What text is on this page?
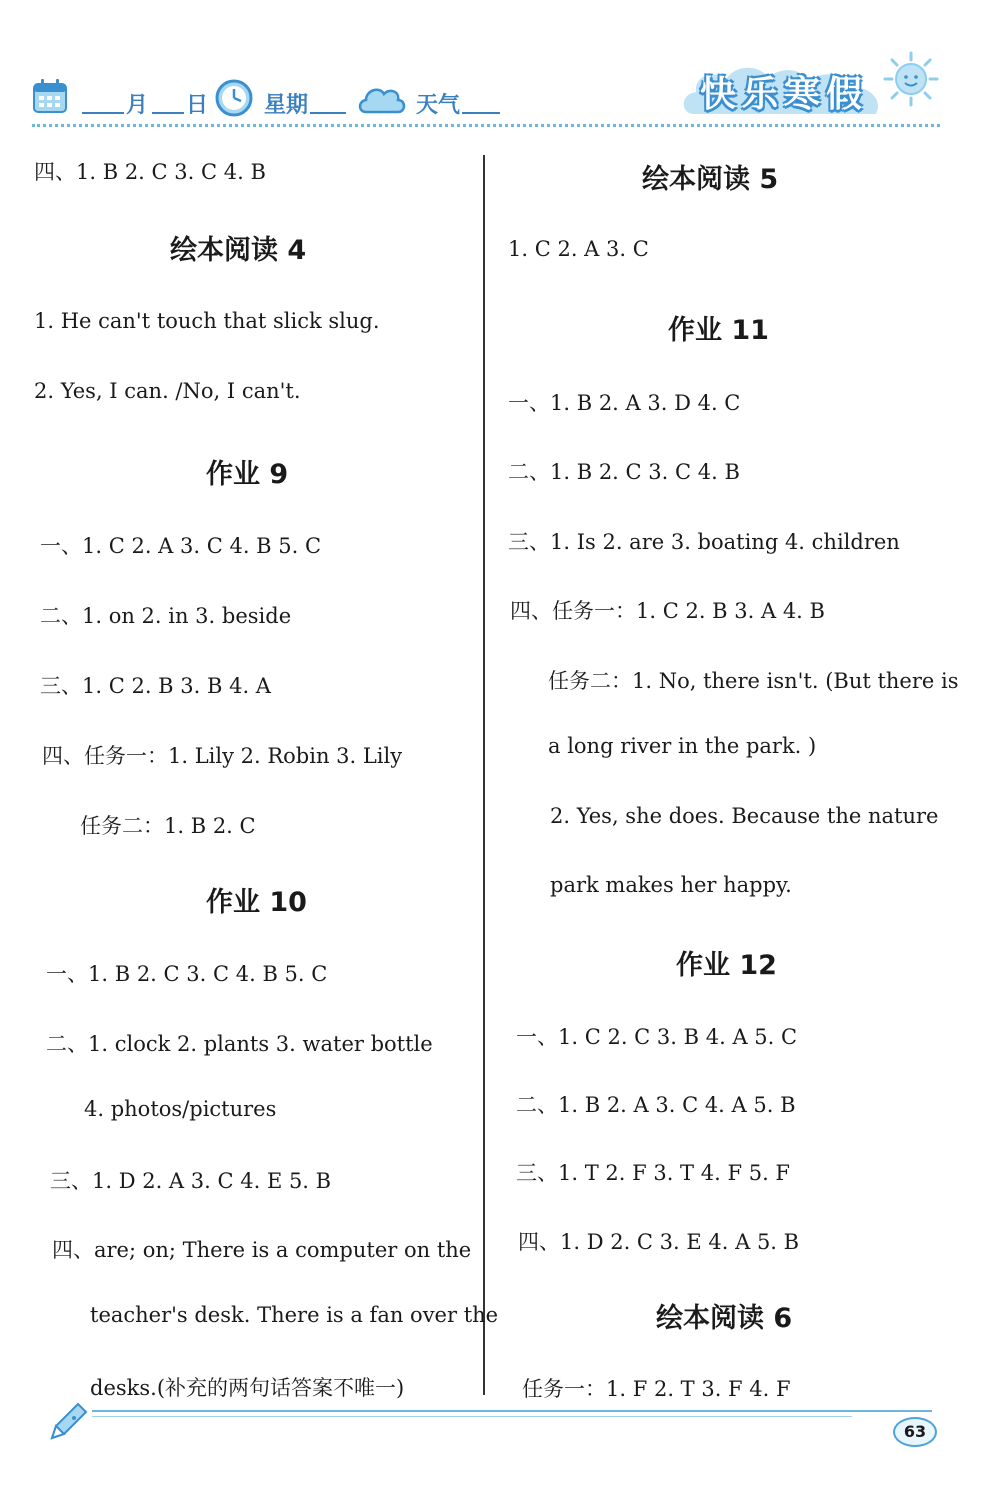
月 日	星期	天气	快乐寒假
四、1. B 2. C 3. C 4. B
绘本阅读 4
1. He can't touch that slick slug.
2. Yes, I can. /No, I can't.
作业 9
一、1. C 2. A 3. C 4. B 5. C
二、1. on 2. in 3. beside
三、1. C 2. B 3. B 4. A
四、任务一：1. Lily 2. Robin 3. Lily
任务二：1. B 2. C
作业 10
一、1. B 2. C 3. C 4. B 5. C
二、1. clock 2. plants 3. water bottle
4. photos/pictures
三、1. D 2. A 3. C 4. E 5. B
四、are; on; There is a computer on the
teacher's desk. There is a fan over the
desks.(补充的两句话答案不唯一)
绘本阅读 5
1. C 2. A 3. C
作业 11
一、1. B 2. A 3. D 4. C
二、1. B 2. C 3. C 4. B
三、1. Is 2. are 3. boating 4. children
四、任务一：1. C 2. B 3. A 4. B
任务二：1. No, there isn't. (But there is
a long river in the park. )
2. Yes, she does. Because the nature
park makes her happy.
作业 12
一、1. C 2. C 3. B 4. A 5. C
二、1. B 2. A 3. C 4. A 5. B
三、1. T 2. F 3. T 4. F 5. F
四、1. D 2. C 3. E 4. A 5. B
绘本阅读 6
任务一：1. F 2. T 3. F 4. F
63
